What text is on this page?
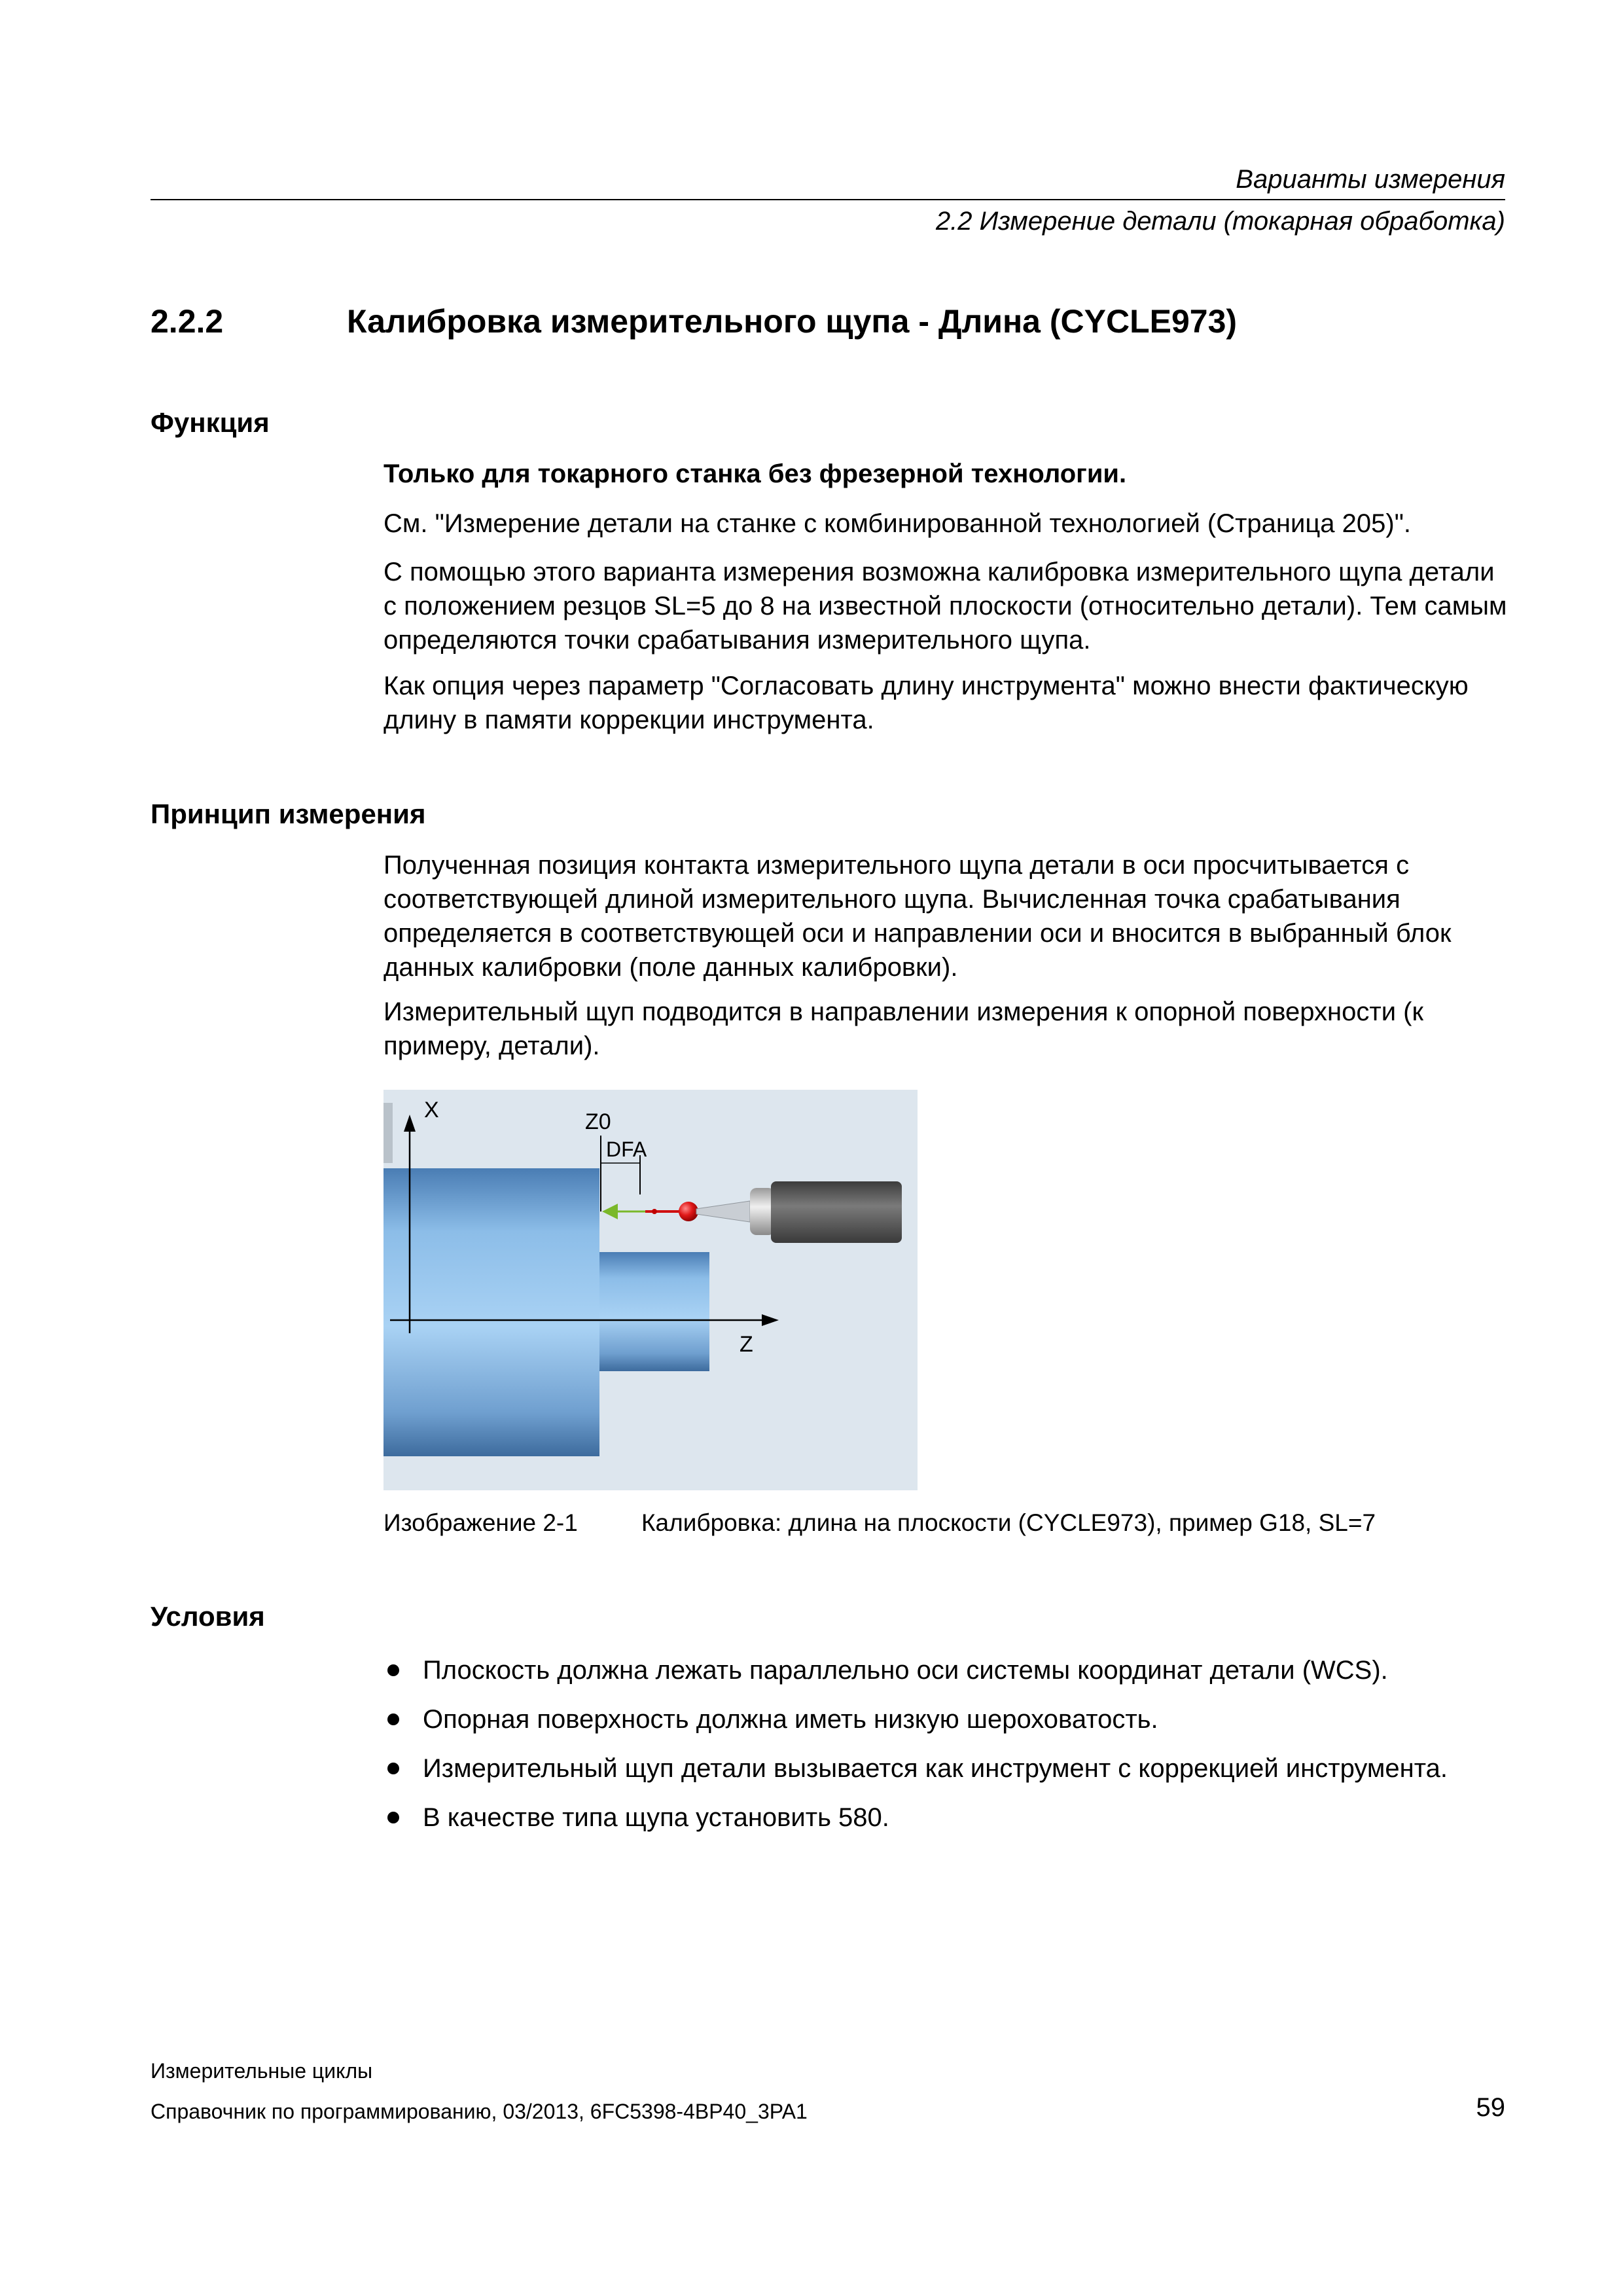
Варианты измерения
2.2 Измерение детали (токарная обработка)
2.2.2	Калибровка измерительного щупа - Длина (CYCLE973)
Функция
Только для токарного станка без фрезерной технологии.
См. "Измерение детали на станке с комбинированной технологией (Страница 205)".
С помощью этого варианта измерения возможна калибровка измерительного щупа детали с положением резцов SL=5 до 8 на известной плоскости (относительно детали). Тем самым определяются точки срабатывания измерительного щупа.
Как опция через параметр "Согласовать длину инструмента" можно внести фактическую длину в памяти коррекции инструмента.
Принцип измерения
Полученная позиция контакта измерительного щупа детали в оси просчитывается с соответствующей длиной измерительного щупа. Вычисленная точка срабатывания определяется в соответствующей оси и направлении оси и вносится в выбранный блок данных калибровки (поле данных калибровки).
Измерительный щуп подводится в направлении измерения к опорной поверхности (к примеру, детали).
X
Z
Z0
DFA
Изображение 2-1	Калибровка: длина на плоскости (CYCLE973), пример G18, SL=7
Условия
Плоскость должна лежать параллельно оси системы координат детали (WCS).
Опорная поверхность должна иметь низкую шероховатость.
Измерительный щуп детали вызывается как инструмент с коррекцией инструмента.
В качестве типа щупа установить 580.
Измерительные циклы
Справочник по программированию, 03/2013, 6FC5398-4BP40_3PA1	59
